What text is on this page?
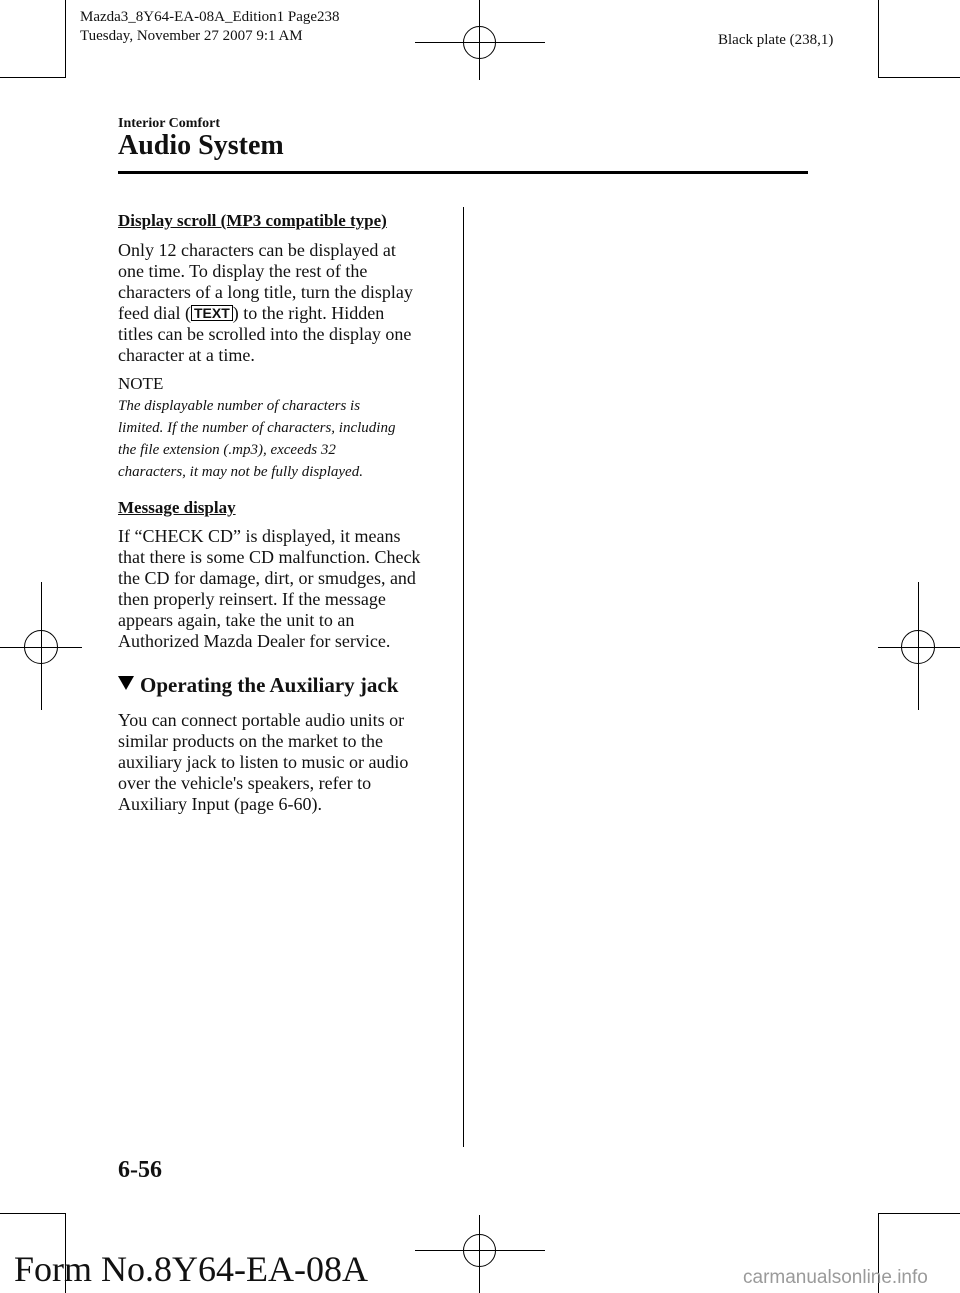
Mazda3_8Y64-EA-08A_Edition1 Page238
Tuesday, November 27 2007 9:1 AM	Black plate (238,1)
Interior Comfort
Audio System

Display scroll (MP3 compatible type)

Only 12 characters can be displayed at

one time. To display the rest of the

characters of a long title, turn the display

feed dial ( TEXT ) to the right. Hidden

titles can be scrolled into the display one

character at a time.

NOTE

The displayable number of characters is

limited. If the number of characters, including

the file extension (.mp3), exceeds 32

characters, it may not be fully displayed.

Message display

If “CHECK CD” is displayed, it means

that there is some CD malfunction. Check

the CD for damage, dirt, or smudges, and

then properly reinsert. If the message

appears again, take the unit to an

Authorized Mazda Dealer for service.

Operating the Auxiliary jack

You can connect portable audio units or

similar products on the market to the

auxiliary jack to listen to music or audio

over the vehicle's speakers, refer to

Auxiliary Input (page 6-60).

6-56
Form No.8Y64-EA-08A	carmanualsonline.info
